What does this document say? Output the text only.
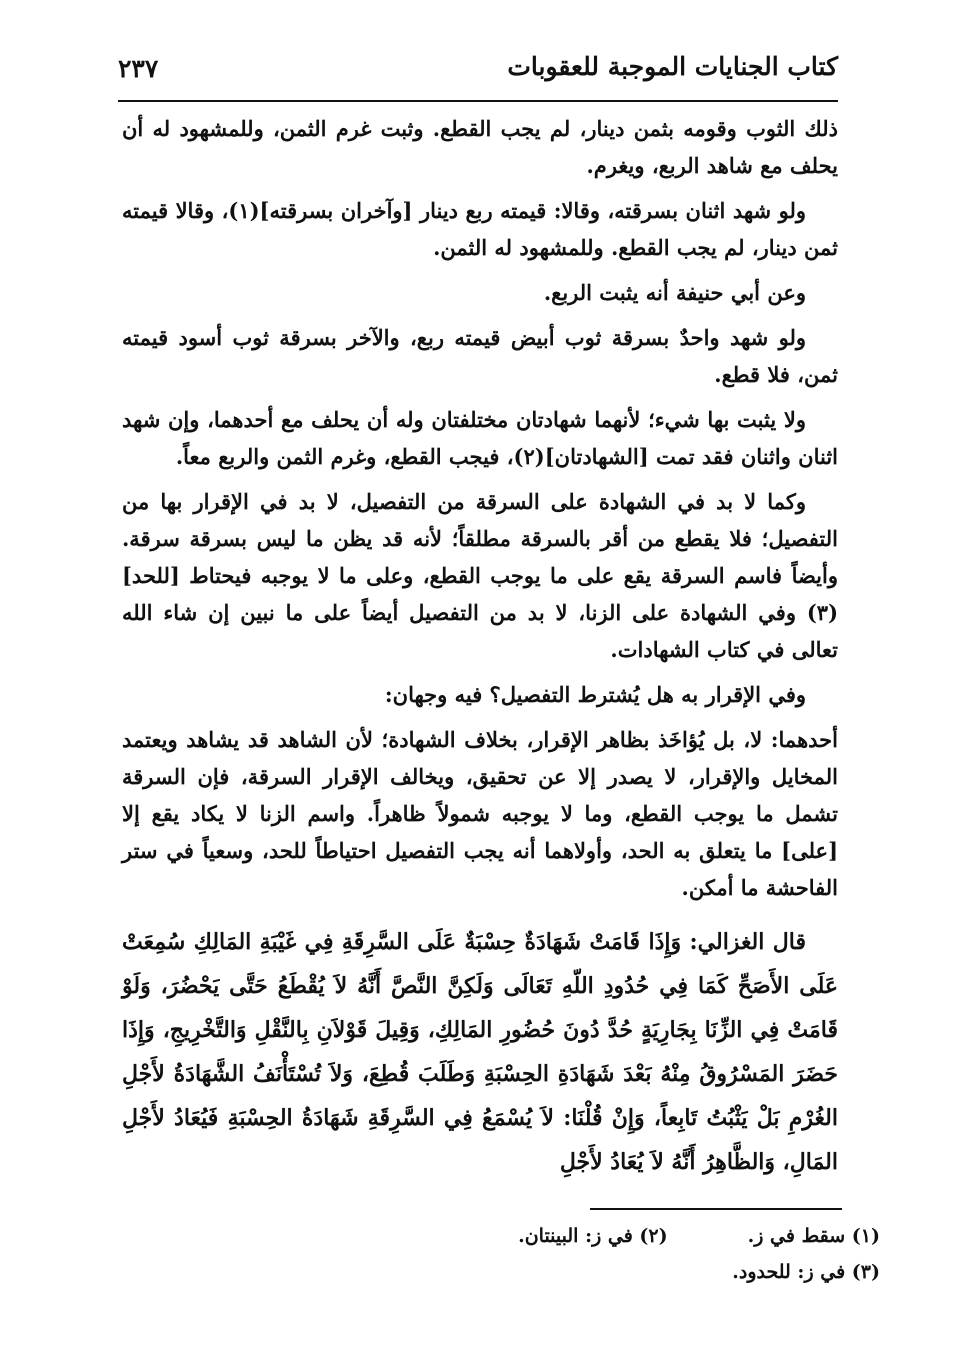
كتاب الجنايات الموجبة للعقوبات
٢٣٧

ذلك الثوب وقومه بثمن دينار، لم يجب القطع. وثبت غرم الثمن، وللمشهود له أن يحلف مع شاهد الربع، ويغرم.

ولو شهد اثنان بسرقته، وقالا: قيمته ربع دينار [وآخران بسرقته](١)، وقالا قيمته ثمن دينار، لم يجب القطع. وللمشهود له الثمن.

وعن أبي حنيفة أنه يثبت الربع.

ولو شهد واحدٌ بسرقة ثوب أبيض قيمته ربع، والآخر بسرقة ثوب أسود قيمته ثمن، فلا قطع.

ولا يثبت بها شيء؛ لأنهما شهادتان مختلفتان وله أن يحلف مع أحدهما، وإن شهد اثنان واثنان فقد تمت [الشهادتان](٢)، فيجب القطع، وغرم الثمن والربع معاً.

وكما لا بد في الشهادة على السرقة من التفصيل، لا بد في الإقرار بها من التفصيل؛ فلا يقطع من أقر بالسرقة مطلقاً؛ لأنه قد يظن ما ليس بسرقة سرقة. وأيضاً فاسم السرقة يقع على ما يوجب القطع، وعلى ما لا يوجبه فيحتاط [للحد](٣) وفي الشهادة على الزنا، لا بد من التفصيل أيضاً على ما نبين إن شاء الله تعالى في كتاب الشهادات.

وفي الإقرار به هل يُشترط التفصيل؟ فيه وجهان:

أحدهما: لا، بل يُؤاخَذ بظاهر الإقرار، بخلاف الشهادة؛ لأن الشاهد قد يشاهد ويعتمد المخايل والإقرار، لا يصدر إلا عن تحقيق، ويخالف الإقرار السرقة، فإن السرقة تشمل ما يوجب القطع، وما لا يوجبه شمولاً ظاهراً. واسم الزنا لا يكاد يقع إلا [على] ما يتعلق به الحد، وأولاهما أنه يجب التفصيل احتياطاً للحد، وسعياً في ستر الفاحشة ما أمكن.

قال الغزالي: وَإِذَا قَامَتْ شَهَادَةٌ حِسْبَةٌ عَلَى السَّرِقَةِ فِي غَيْبَةِ المَالِكِ سُمِعَتْ عَلَى الأَصَحِّ كَمَا فِي حُدُودِ اللّهِ تَعَالَى وَلَكِنَّ النَّصَّ أَنَّهُ لاَ يُقْطَعُ حَتَّى يَحْضُرَ، وَلَوْ قَامَتْ فِي الزِّنَا بِجَارِيَةٍ حُدَّ دُونَ حُضُورِ المَالِكِ، وَقِيلَ قَوْلاَنِ بِالنَّقْلِ وَالتَّخْرِيجِ، وَإِذَا حَضَرَ المَسْرُوقُ مِنْهُ بَعْدَ شَهَادَةِ الحِسْبَةِ وَطَلَبَ قُطِعَ، وَلاَ تُسْتَأْنَفُ الشَّهَادَةُ لأَجْلِ الغُرْمِ بَلْ يَثْبُتُ تَابِعاً، وَإِنْ قُلْنَا: لاَ يُسْمَعُ فِي السَّرِقَةِ شَهَادَةُ الحِسْبَةِ فَيُعَادُ لأَجْلِ المَالِ، وَالظَّاهِرُ أَنَّهُ لاَ يُعَادُ لأَجْلِ

(١) سقط في ز.
(٢) في ز: البينتان.
(٣) في ز: للحدود.
